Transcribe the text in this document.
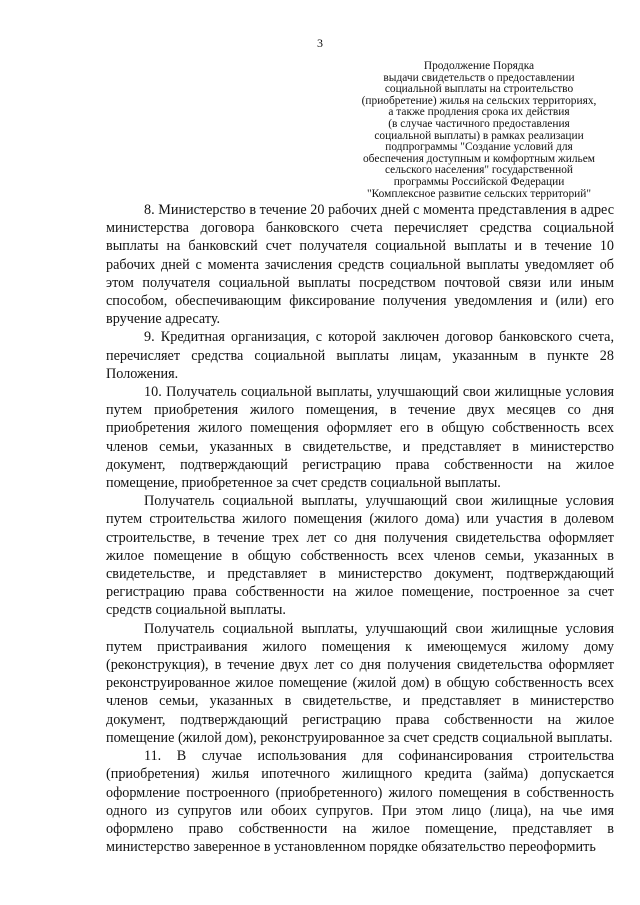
3
Продолжение Порядка
выдачи свидетельств о предоставлении
социальной выплаты на строительство
(приобретение) жилья на сельских территориях,
а также продления срока их действия
(в случае частичного предоставления
социальной выплаты) в рамках реализации
подпрограммы "Создание условий для
обеспечения доступным и комфортным жильем
сельского населения" государственной
программы Российской Федерации
"Комплексное развитие сельских территорий"

8. Министерство в течение 20 рабочих дней с момента представления в адрес министерства договора банковского счета перечисляет средства социальной выплаты на банковский счет получателя социальной выплаты и в течение 10 рабочих дней с момента зачисления средств социальной выплаты уведомляет об этом получателя социальной выплаты посредством почтовой связи или иным способом, обеспечивающим фиксирование получения уведомления и (или) его вручение адресату.

9. Кредитная организация, с которой заключен договор банковского счета, перечисляет средства социальной выплаты лицам, указанным в пункте 28 Положения.

10. Получатель социальной выплаты, улучшающий свои жилищные условия путем приобретения жилого помещения, в течение двух месяцев со дня приобретения жилого помещения оформляет его в общую собственность всех членов семьи, указанных в свидетельстве, и представляет в министерство документ, подтверждающий регистрацию права собственности на жилое помещение, приобретенное за счет средств социальной выплаты.

Получатель социальной выплаты, улучшающий свои жилищные условия путем строительства жилого помещения (жилого дома) или участия в долевом строительстве, в течение трех лет со дня получения свидетельства оформляет жилое помещение в общую собственность всех членов семьи, указанных в свидетельстве, и представляет в министерство документ, подтверждающий регистрацию права собственности на жилое помещение, построенное за счет средств социальной выплаты.

Получатель социальной выплаты, улучшающий свои жилищные условия путем пристраивания жилого помещения к имеющемуся жилому дому (реконструкция), в течение двух лет со дня получения свидетельства оформляет реконструированное жилое помещение (жилой дом) в общую собственность всех членов семьи, указанных в свидетельстве, и представляет в министерство документ, подтверждающий регистрацию права собственности на жилое помещение (жилой дом), реконструированное за счет средств социальной выплаты.

11. В случае использования для софинансирования строительства (приобретения) жилья ипотечного жилищного кредита (займа) допускается оформление построенного (приобретенного) жилого помещения в собственность одного из супругов или обоих супругов. При этом лицо (лица), на чье имя оформлено право собственности на жилое помещение, представляет в министерство заверенное в установленном порядке обязательство переоформить
